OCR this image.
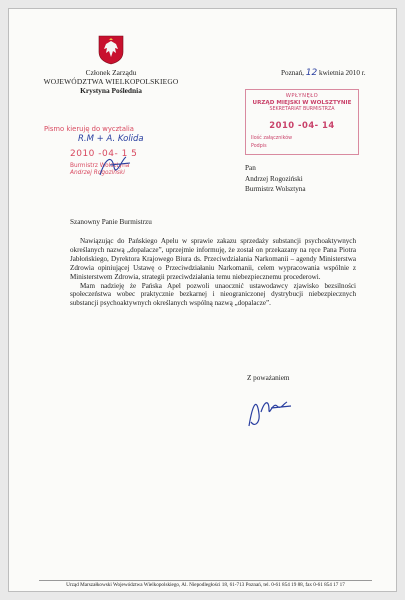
Członek Zarządu
WOJEWÓDZTWA WIELKOPOLSKIEGO
Krystyna Poślednia
Poznań, 12 kwietnia 2010 r.
Pismo kieruję do wycztalia
R.M + A. Kolida
2010 -04- 1 5
Burmistrz Wolsztyna
Andrzej Rogoziński
WPŁYNĘŁO
URZĄD MIEJSKI W WOLSZTYNIE
SEKRETARIAT BURMISTRZA
2010 -04- 14
Ilość załączników
Podpis
Pan
Andrzej Rogoziński
Burmistrz Wolsztyna
Szanowny Panie Burmistrzu

Nawiązując do Pańskiego Apelu w sprawie zakazu sprzedaży substancji psychoaktywnych określanych nazwą „dopalacze”, uprzejmie informuję, że został on przekazany na ręce Pana Piotra Jabłońskiego, Dyrektora Krajowego Biura ds. Przeciwdziałania Narkomanii – agendy Ministerstwa Zdrowia opiniującej Ustawę o Przeciwdziałaniu Narkomanii, celem wypracowania wspólnie z Ministerstwem Zdrowia, strategii przeciwdziałania temu niebezpiecznemu procederowi.

Mam nadzieję że Pańska Apel pozwoli unaocznić ustawodawcy zjawisko bezsilności społeczeństwa wobec praktycznie bezkarnej i nieograniczonej dystrybucji niebezpiecznych substancji psychoaktywnych określanych wspólną nazwą „dopalacze”.

Z poważaniem
Urząd Marszałkowski Województwa Wielkopolskiego, Al. Niepodległości 18, 61-713 Poznań, tel. 0-61 854 19 88, fax 0-61 854 17 17
